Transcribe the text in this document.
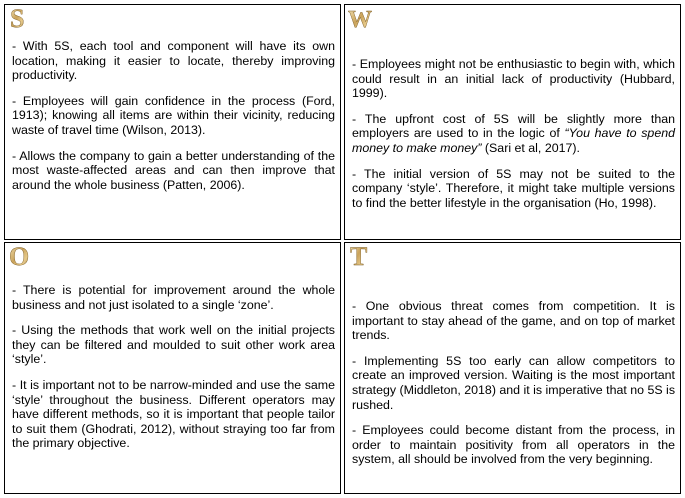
S

- With 5S, each tool and component will have its own location, making it easier to locate, thereby improving productivity.

- Employees will gain confidence in the process (Ford, 1913); knowing all items are within their vicinity, reducing waste of travel time (Wilson, 2013).

- Allows the company to gain a better understanding of the most waste-affected areas and can then improve that around the whole business (Patten, 2006).

W

- Employees might not be enthusiastic to begin with, which could result in an initial lack of productivity (Hubbard, 1999).

- The upfront cost of 5S will be slightly more than employers are used to in the logic of “You have to spend money to make money” (Sari et al, 2017).

- The initial version of 5S may not be suited to the company ‘style’. Therefore, it might take multiple versions to find the better lifestyle in the organisation (Ho, 1998).

O

- There is potential for improvement around the whole business and not just isolated to a single ‘zone’.

- Using the methods that work well on the initial projects they can be filtered and moulded to suit other work area ‘style’.

- It is important not to be narrow-minded and use the same ‘style’ throughout the business. Different operators may have different methods, so it is important that people tailor to suit them (Ghodrati, 2012), without straying too far from the primary objective.

T

- One obvious threat comes from competition. It is important to stay ahead of the game, and on top of market trends.

- Implementing 5S too early can allow competitors to create an improved version. Waiting is the most important strategy (Middleton, 2018) and it is imperative that no 5S is rushed.

- Employees could become distant from the process, in order to maintain positivity from all operators in the system, all should be involved from the very beginning.
